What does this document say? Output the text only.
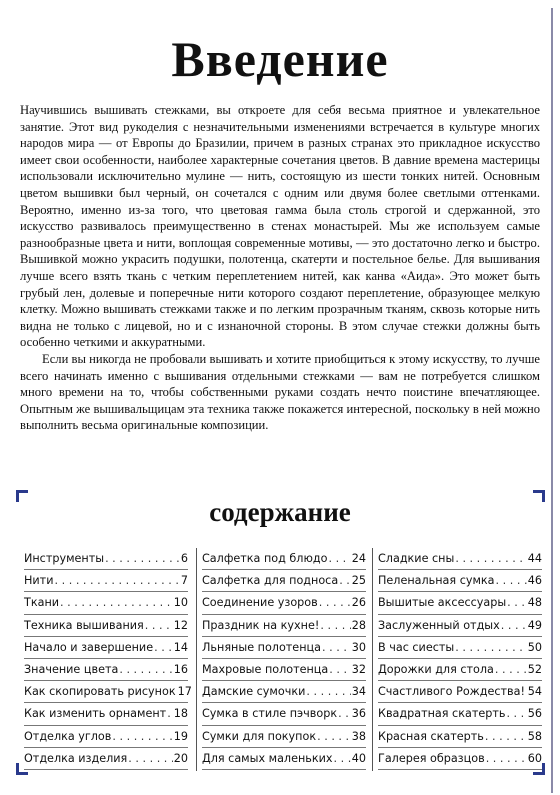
Введение

Научившись вышивать стежками, вы откроете для себя весьма приятное и увлекательное занятие. Этот вид рукоделия с незначительными изменениями встречается в культуре многих народов мира — от Европы до Бразилии, причем в разных странах это прикладное искусство имеет свои особенности, наиболее характерные сочетания цветов. В давние времена мастерицы использовали исключительно мулине — нить, состоящую из шести тонких нитей. Основным цветом вышивки был черный, он сочетался с одним или двумя более светлыми оттенками. Вероятно, именно из-за того, что цветовая гамма была столь строгой и сдержанной, это искусство развивалось преимущественно в стенах монастырей. Мы же используем самые разнообразные цвета и нити, воплощая современные мотивы, — это достаточно легко и быстро. Вышивкой можно украсить подушки, полотенца, скатерти и постельное белье. Для вышивания лучше всего взять ткань с четким переплетением нитей, как канва «Аида». Это может быть грубый лен, долевые и поперечные нити которого создают переплетение, образующее мелкую клетку. Можно вышивать стежками также и по легким прозрачным тканям, сквозь которые нить видна не только с лицевой, но и с изнаночной стороны. В этом случае стежки должны быть особенно четкими и аккуратными.

Если вы никогда не пробовали вышивать и хотите приобщиться к этому искусству, то лучше всего начинать именно с вышивания отдельными стежками — вам не потребуется слишком много времени на то, чтобы собственными руками создать нечто поистине впечатляющее. Опытным же вышивальщицам эта техника также покажется интересной, поскольку в ней можно выполнить весьма оригинальные композиции.

содержание
Инструменты . . .	6
Нити . . .	7
Ткани . . .	10
Техника вышивания . . .	12
Начало и завершение . . . 14
Значение цвета . . .	16
Как скопировать рисунок 17
Как изменить орнамент . . . 18
Отделка углов . . .	19
Отделка изделия . . .	20
Салфетка под блюдо . . . 24
Салфетка для подноса . . . 25
Соединение узоров . . .	26
Праздник на кухне! . . .	28
Льняные полотенца . . .	30
Махровые полотенца . . . 32
Дамские сумочки . . .	34
Сумка в стиле пэчворк . . . 36
Сумки для покупок . . .	38
Для самых маленьких . . . 40
Сладкие сны . . .	44
Пеленальная сумка . . .	46
Вышитые аксессуары . . . 48
Заслуженный отдых . . . 49
В час сиесты . . .	50
Дорожки для стола . . .	52
Счастливого Рождества! . . . 54
Квадратная скатерть . . . 56
Красная скатерть . . .	58
Галерея образцов . . .	60
